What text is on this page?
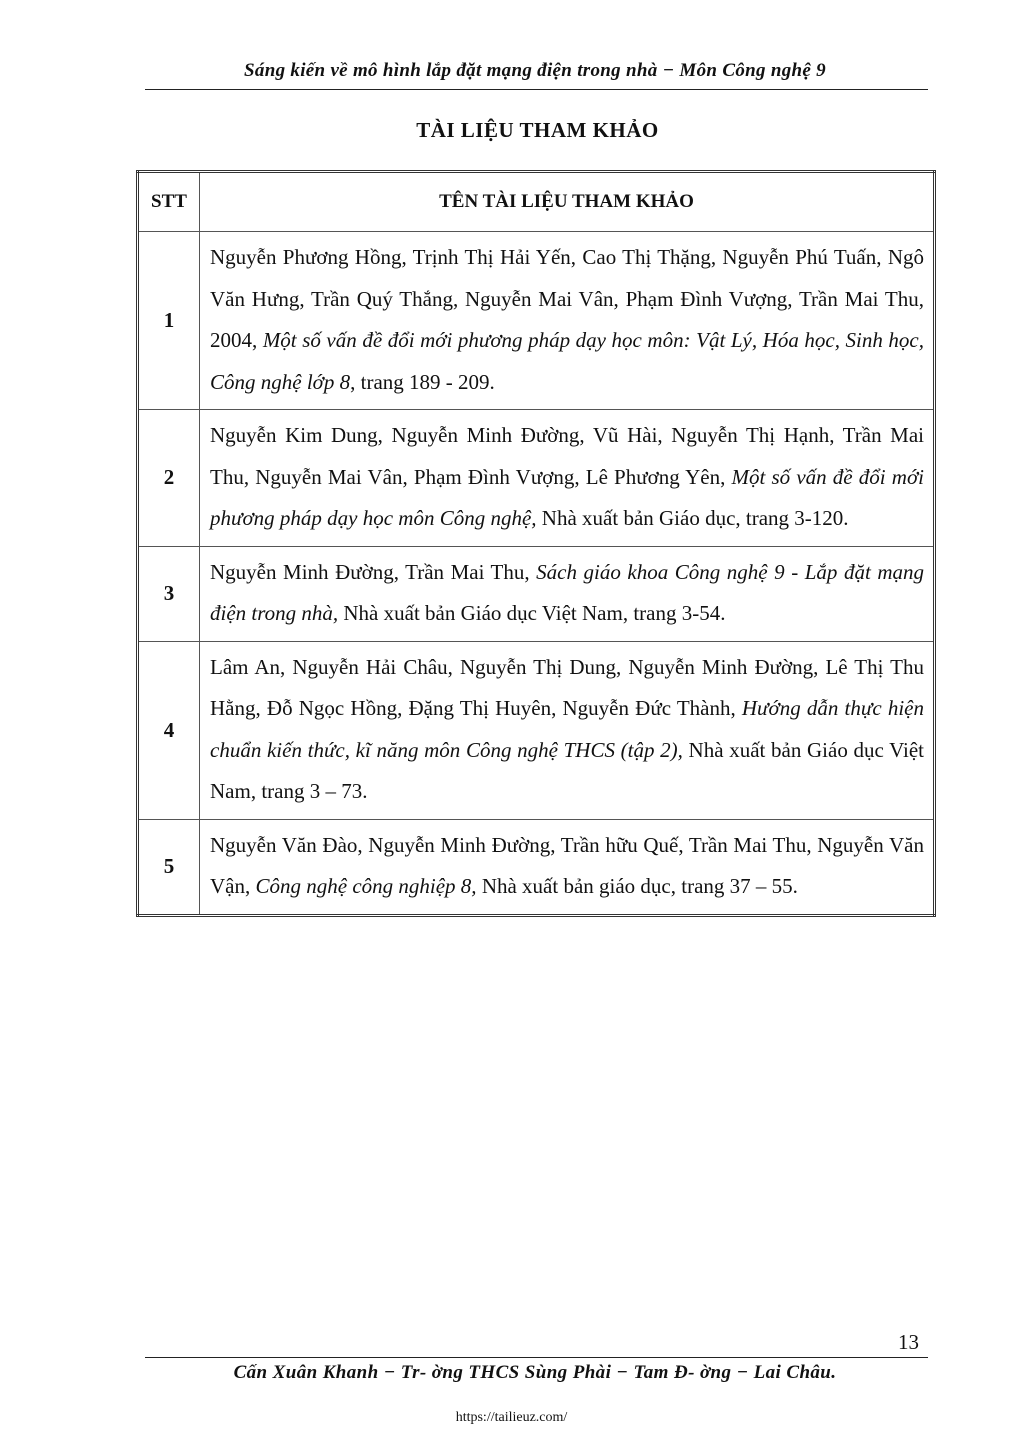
Sáng kiến về mô hình lắp đặt mạng điện trong nhà − Môn Công nghệ 9
TÀI LIỆU THAM KHẢO
STT	TÊN TÀI LIỆU THAM KHẢO
1	Nguyễn Phương Hồng, Trịnh Thị Hải Yến, Cao Thị Thặng, Nguyễn Phú Tuấn, Ngô Văn Hưng, Trần Quý Thắng, Nguyễn Mai Vân, Phạm Đình Vượng, Trần Mai Thu, 2004, Một số vấn đề đổi mới phương pháp dạy học môn: Vật Lý, Hóa học, Sinh học, Công nghệ lớp 8, trang 189 - 209.
2	Nguyễn Kim Dung, Nguyễn Minh Đường, Vũ Hài, Nguyễn Thị Hạnh, Trần Mai Thu, Nguyễn Mai Vân, Phạm Đình Vượng, Lê Phương Yên, Một số vấn đề đổi mới phương pháp dạy học môn Công nghệ, Nhà xuất bản Giáo dục, trang 3-120.
3	Nguyễn Minh Đường, Trần Mai Thu, Sách giáo khoa Công nghệ 9 - Lắp đặt mạng điện trong nhà, Nhà xuất bản Giáo dục Việt Nam, trang 3-54.
4	Lâm An, Nguyễn Hải Châu, Nguyễn Thị Dung, Nguyễn Minh Đường, Lê Thị Thu Hằng, Đỗ Ngọc Hồng, Đặng Thị Huyên, Nguyễn Đức Thành, Hướng dẫn thực hiện chuẩn kiến thức, kĩ năng môn Công nghệ THCS (tập 2), Nhà xuất bản Giáo dục Việt Nam, trang 3 – 73.
5	Nguyễn Văn Đào, Nguyễn Minh Đường, Trần hữu Quế, Trần Mai Thu, Nguyễn Văn Vận, Công nghệ công nghiệp 8, Nhà xuất bản giáo dục, trang 37 – 55.
13
Cấn Xuân Khanh − Tr- ờng THCS Sùng Phài − Tam Đ- ờng − Lai Châu.
https://tailieuz.com/
